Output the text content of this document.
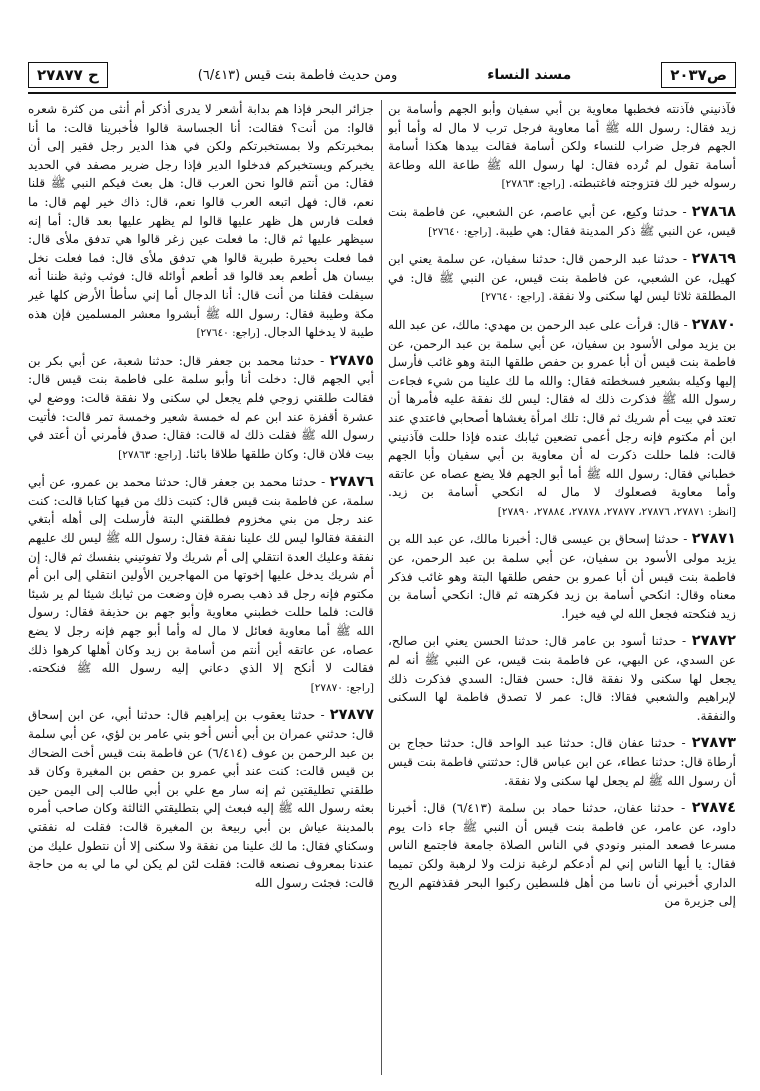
ص٢٠٣٧
مسند النساء
ومن حديث فاطمة بنت قيس (٦/٤١٣)
ح ٢٧٨٧٧

فآذنيني فآذنته فخطبها معاوية بن أبي سفيان وأبو الجهم وأسامة بن زيد فقال: رسول الله ﷺ أما معاوية فرجل ترب لا مال له وأما أبو الجهم فرجل ضراب للنساء ولكن أسامة فقالت بيدها هكذا أسامة أسامة تقول لم تُرده فقال: لها رسول الله ﷺ طاعة الله وطاعة رسوله خير لك فتزوجته فاغتبطته. [راجع: ٢٧٨٦٣]

٢٧٨٦٨ - حدثنا وكيع، عن أبي عاصم، عن الشعبي، عن فاطمة بنت قيس، عن النبي ﷺ ذكر المدينة فقال: هي طيبة. [راجع: ٢٧٦٤٠]

٢٧٨٦٩ - حدثنا عبد الرحمن قال: حدثنا سفيان، عن سلمة يعني ابن كهيل، عن الشعبي، عن فاطمة بنت قيس، عن النبي ﷺ قال: في المطلقة ثلاثا ليس لها سكنى ولا نفقة. [راجع: ٢٧٦٤٠]

٢٧٨٧٠ - قال: قرأت على عبد الرحمن بن مهدي: مالك، عن عبد الله بن يزيد مولى الأسود بن سفيان، عن أبي سلمة بن عبد الرحمن، عن فاطمة بنت قيس أن أبا عمرو بن حفص طلقها البتة وهو غائب فأرسل إليها وكيله بشعير فسخطته فقال: والله ما لك علينا من شيء فجاءت رسول الله ﷺ فذكرت ذلك له فقال: ليس لك نفقة عليه فأمرها أن تعتد في بيت أم شريك ثم قال: تلك امرأة يغشاها أصحابي فاعتدي عند ابن أم مكتوم فإنه رجل أعمى تضعين ثيابك عنده فإذا حللت فآذنيني قالت: فلما حللت ذكرت له أن معاوية بن أبي سفيان وأبا الجهم خطباني فقال: رسول الله ﷺ أما أبو الجهم فلا يضع عصاه عن عاتقه وأما معاوية فصعلوك لا مال له انكحي أسامة بن زيد. [انظر: ٢٧٨٧١، ٢٧٨٧٦، ٢٧٨٧٧، ٢٧٨٧٨، ٢٧٨٨٤، ٢٧٨٩٠]

٢٧٨٧١ - حدثنا إسحاق بن عيسى قال: أخبرنا مالك، عن عبد الله بن يزيد مولى الأسود بن سفيان، عن أبي سلمة بن عبد الرحمن، عن فاطمة بنت قيس أن أبا عمرو بن حفص طلقها البتة وهو غائب فذكر معناه وقال: انكحي أسامة بن زيد فكرهته ثم قال: انكحي أسامة بن زيد فنكحته فجعل الله لي فيه خيرا.

٢٧٨٧٢ - حدثنا أسود بن عامر قال: حدثنا الحسن يعني ابن صالح، عن السدي، عن البهي، عن فاطمة بنت قيس، عن النبي ﷺ أنه لم يجعل لها سكنى ولا نفقة قال: حسن فقال: السدي فذكرت ذلك لإبراهيم والشعبي فقالا: قال: عمر لا تصدق فاطمة لها السكنى والنفقة.

٢٧٨٧٣ - حدثنا عفان قال: حدثنا عبد الواحد قال: حدثنا حجاج بن أرطاة قال: حدثنا عطاء، عن ابن عباس قال: حدثتني فاطمة بنت قيس أن رسول الله ﷺ لم يجعل لها سكنى ولا نفقة.

٢٧٨٧٤ - حدثنا عفان، حدثنا حماد بن سلمة (٦/٤١٣) قال: أخبرنا داود، عن عامر، عن فاطمة بنت قيس أن النبي ﷺ جاء ذات يوم مسرعا فصعد المنبر ونودي في الناس الصلاة جامعة فاجتمع الناس فقال: يا أيها الناس إني لم أدعكم لرغبة نزلت ولا لرهبة ولكن تميما الداري أخبرني أن ناسا من أهل فلسطين ركبوا البحر فقذفتهم الريح إلى جزيرة من

جزائر البحر فإذا هم بدابة أشعر لا يدرى أذكر أم أنثى من كثرة شعره قالوا: من أنت؟ فقالت: أنا الجساسة قالوا فأخبرينا قالت: ما أنا بمخبرتكم ولا بمستخبرتكم ولكن في هذا الدير رجل فقير إلى أن يخبركم ويستخبركم فدخلوا الدير فإذا رجل ضرير مصفد في الحديد فقال: من أنتم قالوا نحن العرب قال: هل بعث فيكم النبي ﷺ قلنا نعم، قال: فهل اتبعه العرب قالوا نعم، قال: ذاك خير لهم قال: ما فعلت فارس هل ظهر عليها قالوا لم يظهر عليها بعد قال: أما إنه سيظهر عليها ثم قال: ما فعلت عين زغر قالوا هي تدفق ملأى قال: فما فعلت بحيرة طبرية قالوا هي تدفق ملأى قال: فما فعلت نخل بيسان هل أطعم بعد قالوا قد أطعم أوائله قال: فوثب وثبة ظننا أنه سيفلت فقلنا من أنت قال: أنا الدجال أما إني سأطأ الأرض كلها غير مكة وطيبة فقال: رسول الله ﷺ أبشروا معشر المسلمين فإن هذه طيبة لا يدخلها الدجال. [راجع: ٢٧٦٤٠]

٢٧٨٧٥ - حدثنا محمد بن جعفر قال: حدثنا شعبة، عن أبي بكر بن أبي الجهم قال: دخلت أنا وأبو سلمة على فاطمة بنت قيس قال: فقالت طلقني زوجي فلم يجعل لي سكنى ولا نفقة قالت: ووضع لي عشرة أقفزة عند ابن عم له خمسة شعير وخمسة تمر قالت: فأتيت رسول الله ﷺ فقلت ذلك له قالت: فقال: صدق فأمرني أن أعتد في بيت فلان قال: وكان طلقها طلاقا بائنا. [راجع: ٢٧٨٦٣]

٢٧٨٧٦ - حدثنا محمد بن جعفر قال: حدثنا محمد بن عمرو، عن أبي سلمة، عن فاطمة بنت قيس قال: كتبت ذلك من فيها كتابا قالت: كنت عند رجل من بني مخزوم فطلقني البتة فأرسلت إلى أهله أبتغي النفقة فقالوا ليس لك علينا نفقة فقال: رسول الله ﷺ ليس لك عليهم نفقة وعليك العدة انتقلي إلى أم شريك ولا تفوتيني بنفسك ثم قال: إن أم شريك يدخل عليها إخوتها من المهاجرين الأولين انتقلي إلى ابن أم مكتوم فإنه رجل قد ذهب بصره فإن وضعت من ثيابك شيئا لم ير شيئا قالت: فلما حللت خطبني معاوية وأبو جهم بن حذيفة فقال: رسول الله ﷺ أما معاوية فعائل لا مال له وأما أبو جهم فإنه رجل لا يضع عصاه، عن عاتقه أين أنتم من أسامة بن زيد وكان أهلها كرهوا ذلك فقالت لا أنكح إلا الذي دعاني إليه رسول الله ﷺ فنكحته. [راجع: ٢٧٨٧٠]

٢٧٨٧٧ - حدثنا يعقوب بن إبراهيم قال: حدثنا أبي، عن ابن إسحاق قال: حدثني عمران بن أبي أنس أخو بني عامر بن لؤي، عن أبي سلمة بن عبد الرحمن بن عوف (٦/٤١٤) عن فاطمة بنت قيس أخت الضحاك بن قيس قالت: كنت عند أبي عمرو بن حفص بن المغيرة وكان قد طلقني تطليقتين ثم إنه سار مع علي بن أبي طالب إلى اليمن حين بعثه رسول الله ﷺ إليه فبعث إلي بتطليقتي الثالثة وكان صاحب أمره بالمدينة عياش بن أبي ربيعة بن المغيرة قالت: فقلت له نفقتي وسكناي فقال: ما لك علينا من نفقة ولا سكنى إلا أن نتطول عليك من عندنا بمعروف نصنعه قالت: فقلت لئن لم يكن لي ما لي به من حاجة قالت: فجئت رسول الله
